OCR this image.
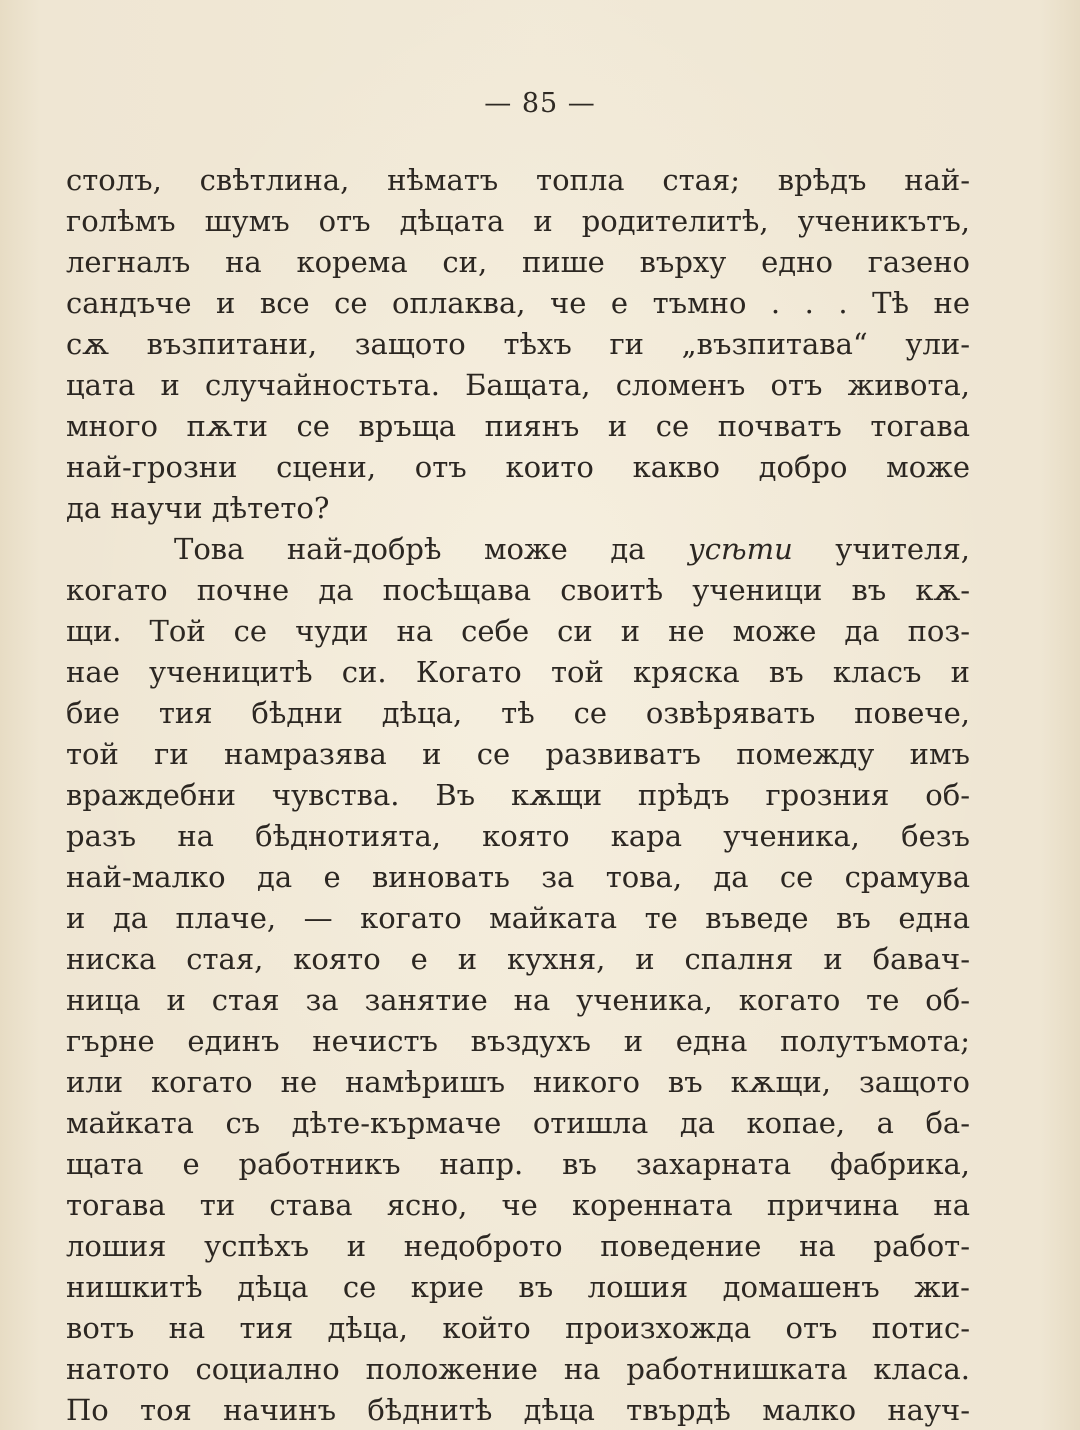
— 85 —
столъ, свѣтлина, нѣматъ топла стая; врѣдъ най-
голѣмъ шумъ отъ дѣцата и родителитѣ, ученикътъ,
легналъ на корема си, пише върху едно газено
сандъче и все се оплаква, че е тъмно . . . Тѣ не
сѫ възпитани, защото тѣхъ ги „възпитава“ ули-
цата и случайностьта. Бащата, сломенъ отъ живота,
много пѫти се връща пиянъ и се почватъ тогава
най-грозни сцени, отъ които какво добро може
да научи дѣтето?
Това най-добрѣ може да усѣти учителя,
когато почне да посѣщава своитѣ ученици въ кѫ-
щи. Той се чуди на себе си и не може да поз-
нае ученицитѣ си. Когато той кряска въ класъ и
бие тия бѣдни дѣца, тѣ се озвѣрявать повече,
той ги намразява и се развиватъ помежду имъ
враждебни чувства. Въ кѫщи прѣдъ грозния об-
разъ на бѣднотията, която кара ученика, безъ
най-малко да е виновать за това, да се срамува
и да плаче, — когато майката те въведе въ една
ниска стая, която е и кухня, и спалня и бавач-
ница и стая за занятие на ученика, когато те об-
гърне единъ нечистъ въздухъ и една полутъмота;
или когато не намѣришъ никого въ кѫщи, защото
майката съ дѣте-кърмаче отишла да копае, а ба-
щата е работникъ напр. въ захарната фабрика,
тогава ти става ясно, че коренната причина на
лошия успѣхъ и недоброто поведение на работ-
нишкитѣ дѣца се крие въ лошия домашенъ жи-
вотъ на тия дѣца, който произхожда отъ потис-
натото социално положение на работнишката класа.
По тоя начинъ бѣднитѣ дѣца твърдѣ малко науч-
